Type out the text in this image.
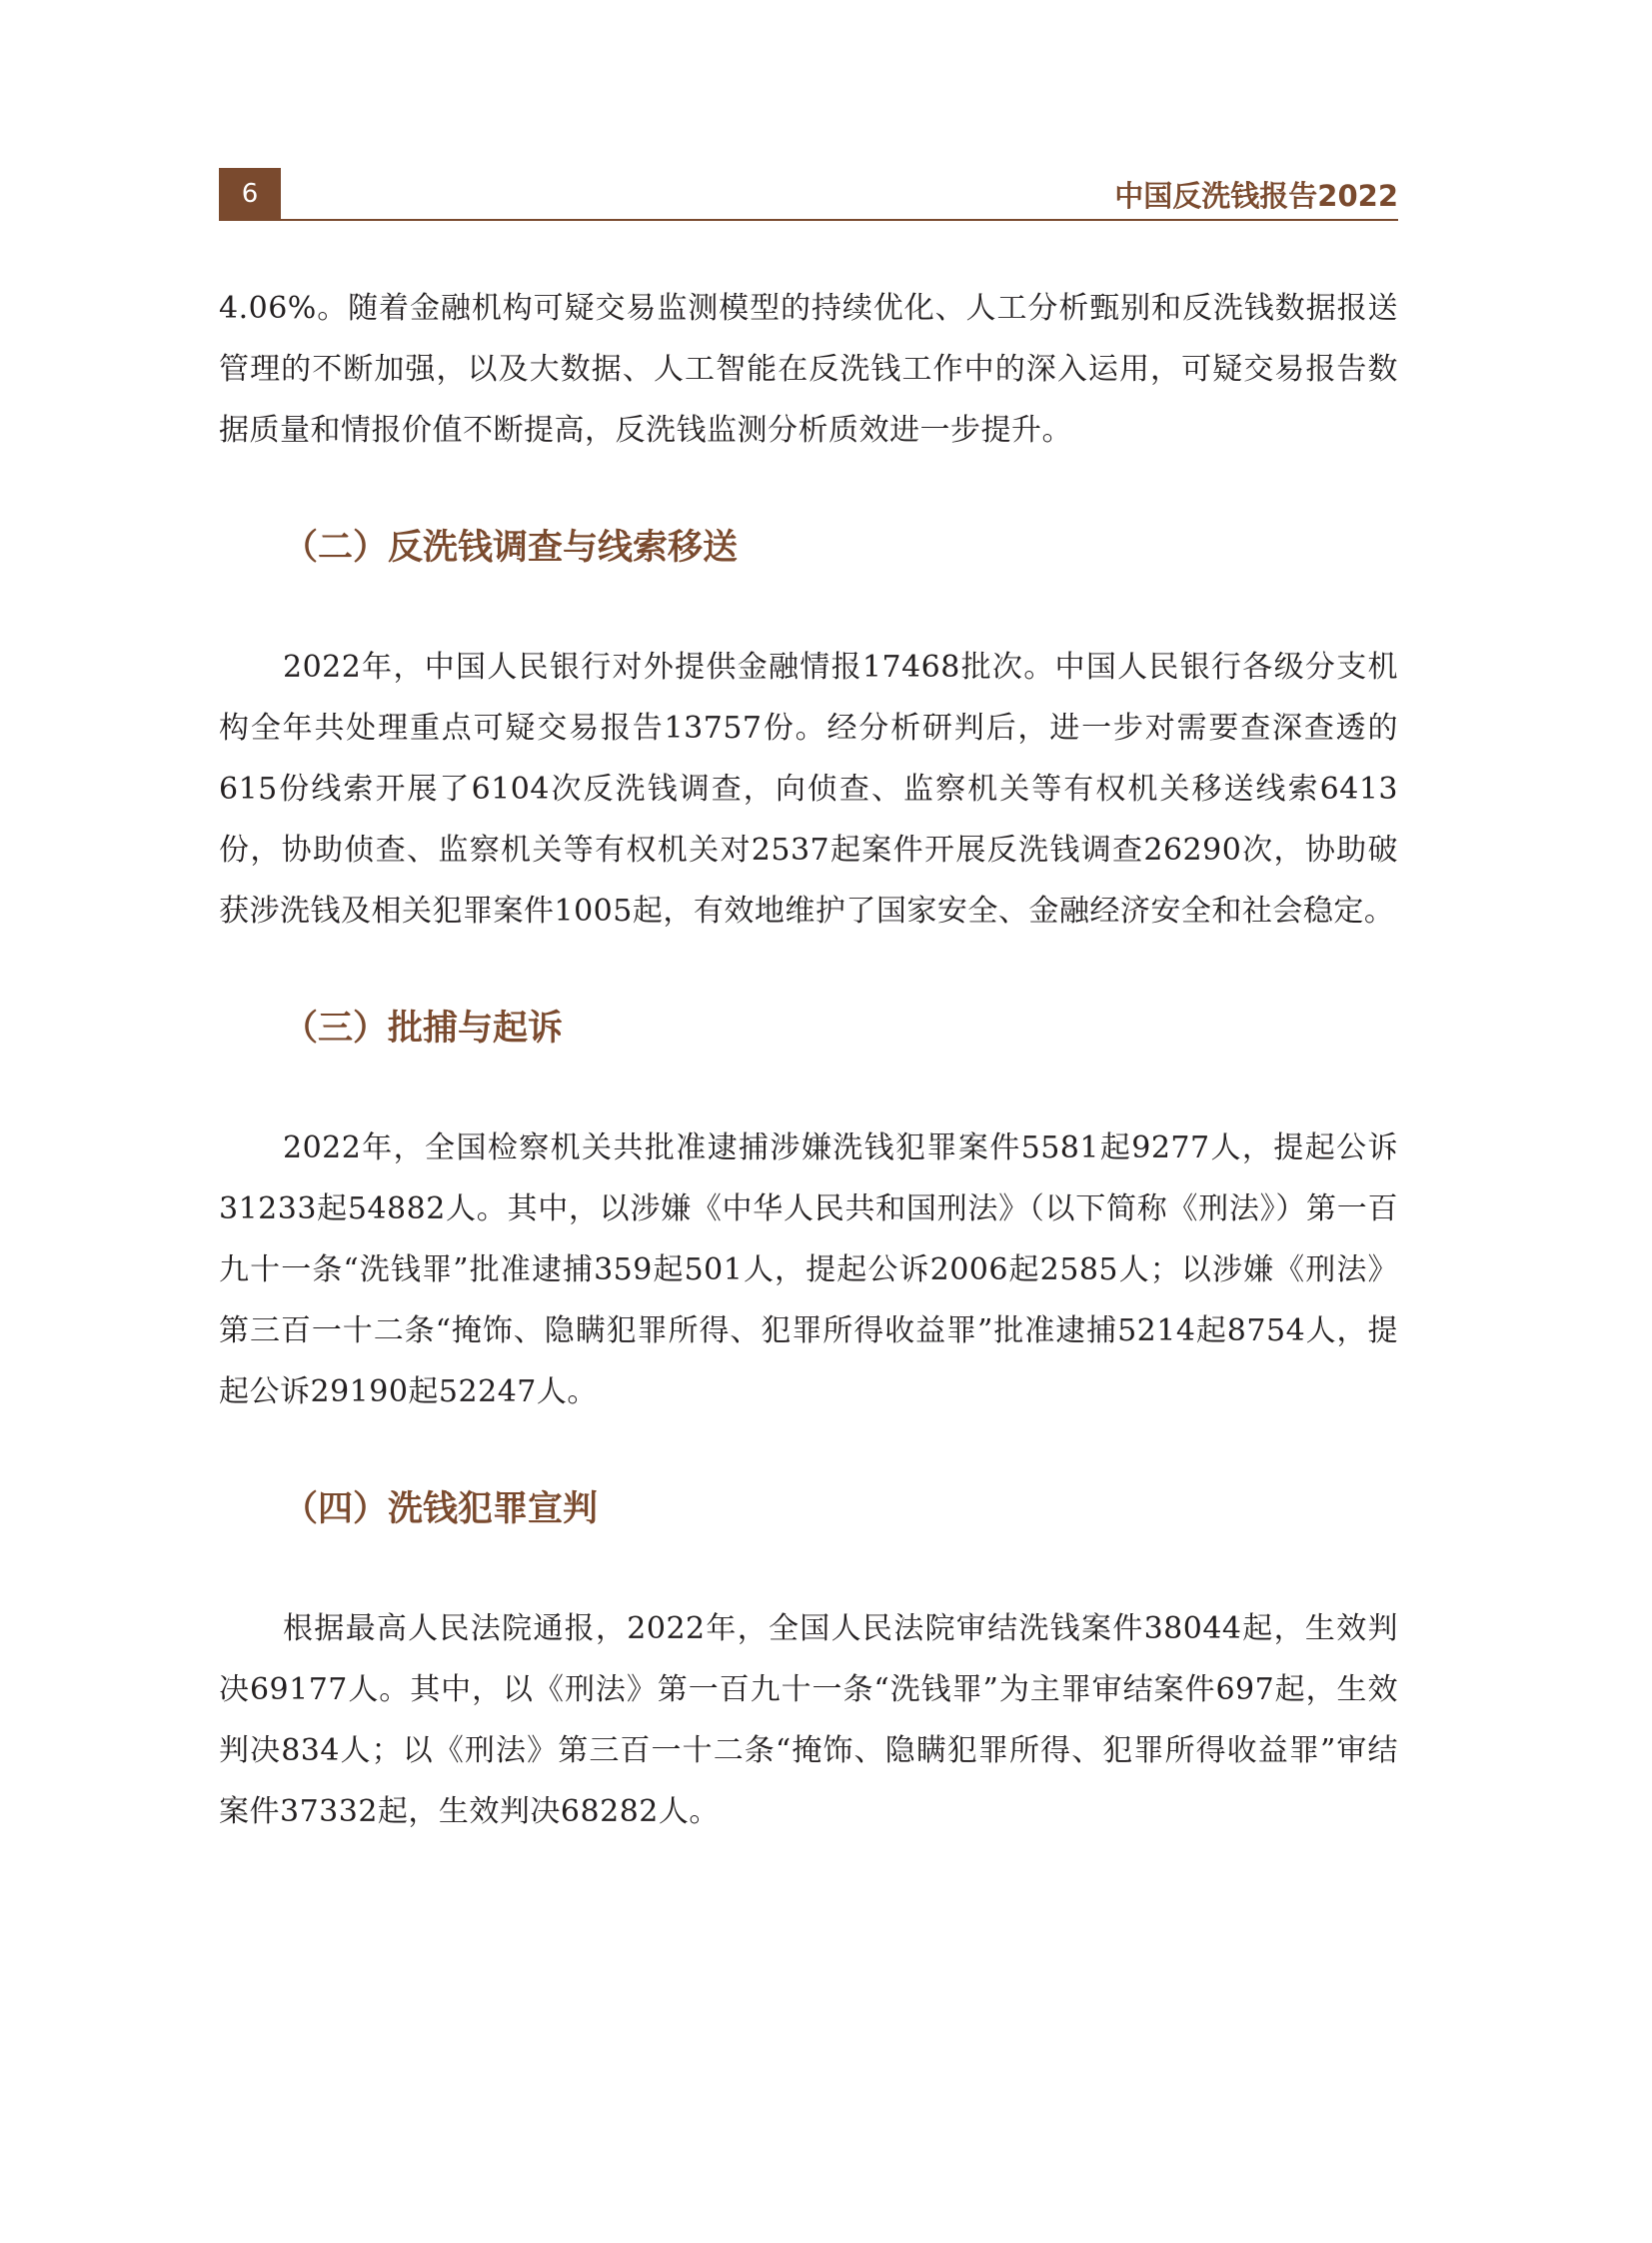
6	中国反洗钱报告2022

4.06%。随着金融机构可疑交易监测模型的持续优化、人工分析甄别和反洗钱数据报送管理的不断加强，以及大数据、人工智能在反洗钱工作中的深入运用，可疑交易报告数据质量和情报价值不断提高，反洗钱监测分析质效进一步提升。

（二）反洗钱调查与线索移送

2022年，中国人民银行对外提供金融情报17468批次。中国人民银行各级分支机构全年共处理重点可疑交易报告13757份。经分析研判后，进一步对需要查深查透的615份线索开展了6104次反洗钱调查，向侦查、监察机关等有权机关移送线索6413份，协助侦查、监察机关等有权机关对2537起案件开展反洗钱调查26290次，协助破获涉洗钱及相关犯罪案件1005起，有效地维护了国家安全、金融经济安全和社会稳定。

（三）批捕与起诉

2022年，全国检察机关共批准逮捕涉嫌洗钱犯罪案件5581起9277人，提起公诉31233起54882人。其中，以涉嫌《中华人民共和国刑法》（以下简称《刑法》）第一百九十一条“洗钱罪”批准逮捕359起501人，提起公诉2006起2585人；以涉嫌《刑法》第三百一十二条“掩饰、隐瞒犯罪所得、犯罪所得收益罪”批准逮捕5214起8754人，提起公诉29190起52247人。

（四）洗钱犯罪宣判

根据最高人民法院通报，2022年，全国人民法院审结洗钱案件38044起，生效判决69177人。其中，以《刑法》第一百九十一条“洗钱罪”为主罪审结案件697起，生效判决834人；以《刑法》第三百一十二条“掩饰、隐瞒犯罪所得、犯罪所得收益罪”审结案件37332起，生效判决68282人。
